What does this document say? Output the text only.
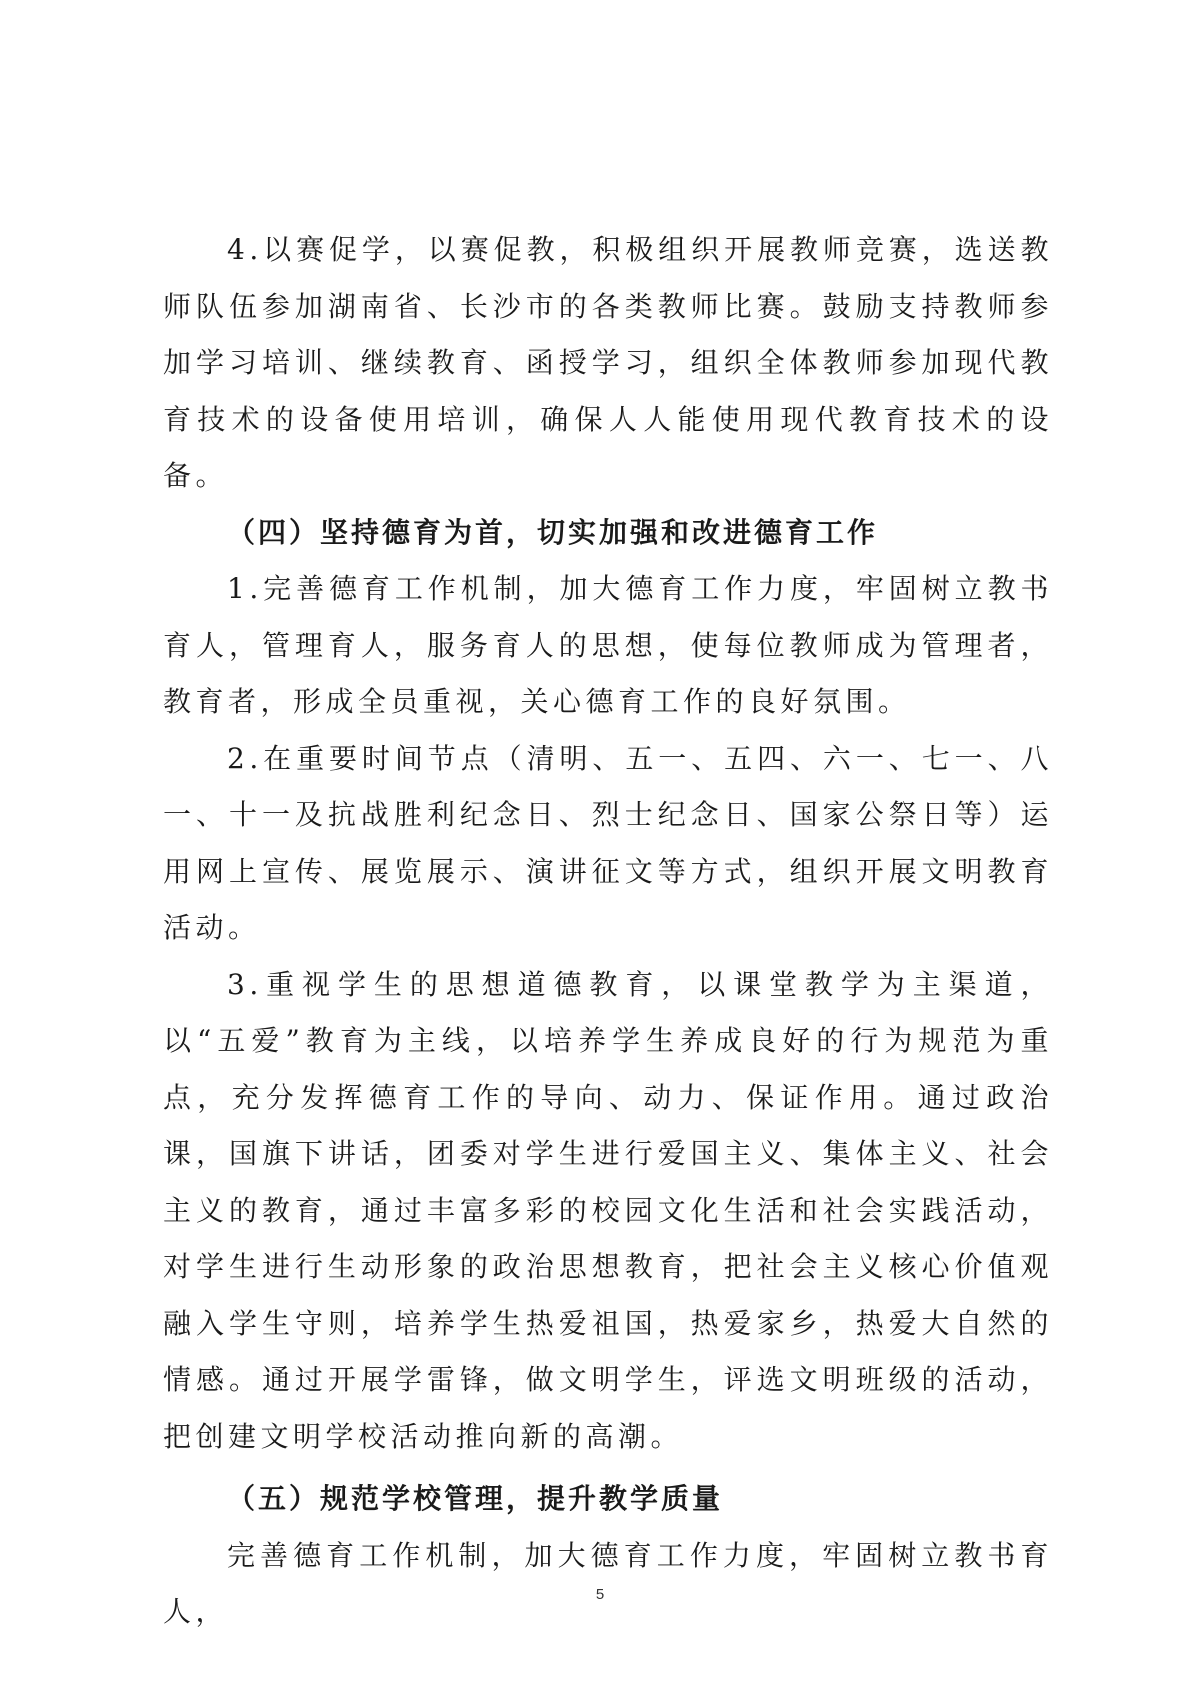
4.以赛促学，以赛促教，积极组织开展教师竞赛，选送教师队伍参加湖南省、长沙市的各类教师比赛。鼓励支持教师参加学习培训、继续教育、函授学习，组织全体教师参加现代教育技术的设备使用培训，确保人人能使用现代教育技术的设备。

（四）坚持德育为首，切实加强和改进德育工作

1.完善德育工作机制，加大德育工作力度，牢固树立教书育人，管理育人，服务育人的思想，使每位教师成为管理者，教育者，形成全员重视，关心德育工作的良好氛围。

2.在重要时间节点（清明、五一、五四、六一、七一、八一、十一及抗战胜利纪念日、烈士纪念日、国家公祭日等）运用网上宣传、展览展示、演讲征文等方式，组织开展文明教育活动。

3.重视学生的思想道德教育，以课堂教学为主渠道，以“五爱”教育为主线，以培养学生养成良好的行为规范为重点，充分发挥德育工作的导向、动力、保证作用。通过政治课，国旗下讲话，团委对学生进行爱国主义、集体主义、社会主义的教育，通过丰富多彩的校园文化生活和社会实践活动，对学生进行生动形象的政治思想教育，把社会主义核心价值观融入学生守则，培养学生热爱祖国，热爱家乡，热爱大自然的情感。通过开展学雷锋，做文明学生，评选文明班级的活动，把创建文明学校活动推向新的高潮。

（五）规范学校管理，提升教学质量

完善德育工作机制，加大德育工作力度，牢固树立教书育人，

5
